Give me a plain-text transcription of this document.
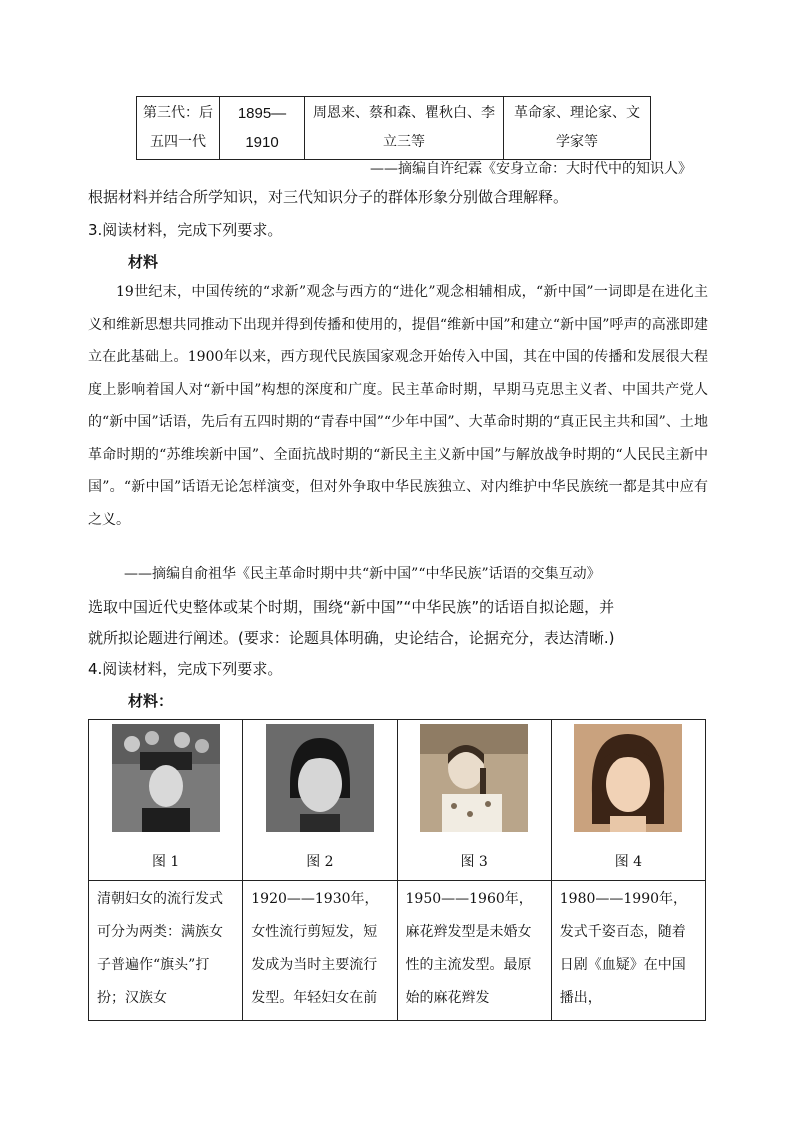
第三代：后五四一代	1895—1910	周恩来、蔡和森、瞿秋白、李立三等	革命家、理论家、文学家等
——摘编自许纪霖《安身立命：大时代中的知识人》
根据材料并结合所学知识，对三代知识分子的群体形象分别做合理解释。
3.阅读材料，完成下列要求。
材料

19世纪末，中国传统的“求新”观念与西方的“进化”观念相辅相成，“新中国”一词即是在进化主义和维新思想共同推动下出现并得到传播和使用的，提倡“维新中国”和建立“新中国”呼声的高涨即建立在此基础上。1900年以来，西方现代民族国家观念开始传入中国，其在中国的传播和发展很大程度上影响着国人对“新中国”构想的深度和广度。民主革命时期，早期马克思主义者、中国共产党人的“新中国”话语，先后有五四时期的“青春中国”“少年中国”、大革命时期的“真正民主共和国”、土地革命时期的“苏维埃新中国”、全面抗战时期的“新民主主义新中国”与解放战争时期的“人民民主新中国”。“新中国”话语无论怎样演变，但对外争取中华民族独立、对内维护中华民族统一都是其中应有之义。

——摘编自俞祖华《民主革命时期中共“新中国”“中华民族”话语的交集互动》
选取中国近代史整体或某个时期，围绕“新中国”“中华民族”的话语自拟论题，并
就所拟论题进行阐述。(要求：论题具体明确，史论结合，论据充分，表达清晰.)
4.阅读材料，完成下列要求。
材料：
图 1	图 2	图 3	图 4

清朝妇女的流行发式可分为两类：满族女子普遍作“旗头”打扮；汉族女	1920——1930年，女性流行剪短发，短发成为当时主要流行发型。年轻妇女在前	1950——1960年，麻花辫发型是未婚女性的主流发型。最原始的麻花辫发	1980——1990年，发式千姿百态，随着日剧《血疑》在中国播出，
